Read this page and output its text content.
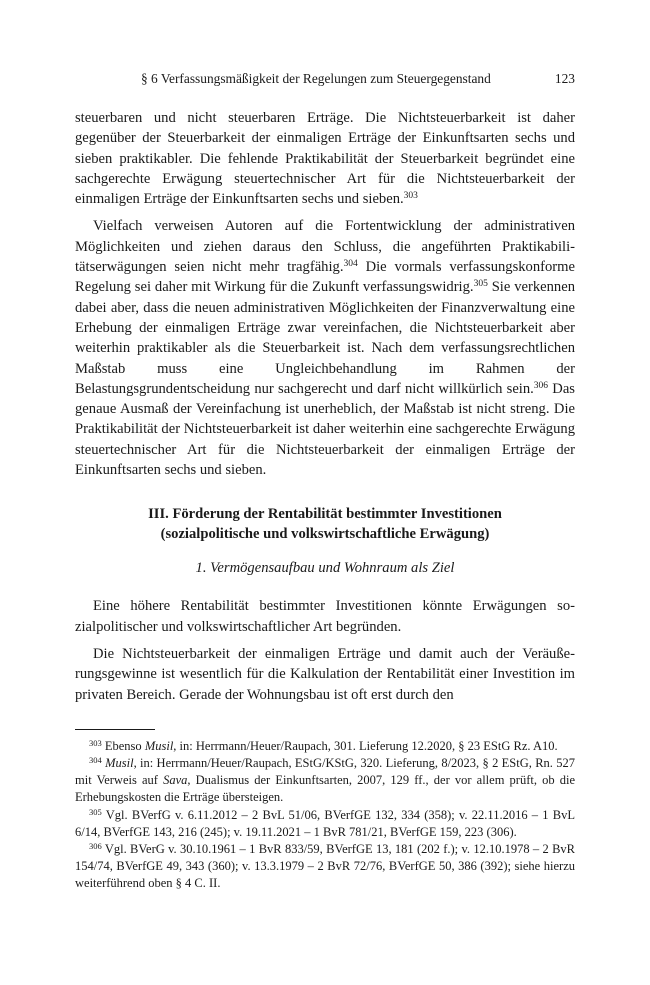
§ 6 Verfassungsmäßigkeit der Regelungen zum Steuergegenstand	123

steuerbaren und nicht steuerbaren Erträge. Die Nichtsteuerbarkeit ist daher gegenüber der Steuerbarkeit der einmaligen Erträge der Einkunftsarten sechs und sieben praktikabler. Die fehlende Praktikabilität der Steuerbarkeit begründet eine sachgerechte Erwägung steuertechnischer Art für die Nichtsteuerbarkeit der einmaligen Erträge der Einkunftsarten sechs und sieben.$^{303}$

Vielfach verweisen Autoren auf die Fortentwicklung der administrativen Möglichkeiten und ziehen daraus den Schluss, die angeführten Praktikabilitätserwägungen seien nicht mehr tragfähig.$^{304}$ Die vormals verfassungskonforme Regelung sei daher mit Wirkung für die Zukunft verfassungswidrig.$^{305}$ Sie verkennen dabei aber, dass die neuen administrativen Möglichkeiten der Finanzverwaltung eine Erhebung der einmaligen Erträge zwar vereinfachen, die Nichtsteuerbarkeit aber weiterhin praktikabler als die Steuerbarkeit ist. Nach dem verfassungsrechtlichen Maßstab muss eine Ungleichbehandlung im Rahmen der Belastungsgrundentscheidung nur sachgerecht und darf nicht willkürlich sein.$^{306}$ Das genaue Ausmaß der Vereinfachung ist unerheblich, der Maßstab ist nicht streng. Die Praktikabilität der Nichtsteuerbarkeit ist daher weiterhin eine sachgerechte Erwägung steuertechnischer Art für die Nichtsteuerbarkeit der einmaligen Erträge der Einkunftsarten sechs und sieben.

III. Förderung der Rentabilität bestimmter Investitionen
(sozialpolitische und volkswirtschaftliche Erwägung)
1. Vermögensaufbau und Wohnraum als Ziel

Eine höhere Rentabilität bestimmter Investitionen könnte Erwägungen sozialpolitischer und volkswirtschaftlicher Art begründen.

Die Nichtsteuerbarkeit der einmaligen Erträge und damit auch der Veräußerungsgewinne ist wesentlich für die Kalkulation der Rentabilität einer Investition im privaten Bereich. Gerade der Wohnungsbau ist oft erst durch den

$^{303}$ Ebenso Musil, in: Herrmann/Heuer/Raupach, 301. Lieferung 12.2020, § 23 EStG Rz. A10.

$^{304}$ Musil, in: Herrmann/Heuer/Raupach, EStG/KStG, 320. Lieferung, 8/2023, § 2 EStG, Rn. 527 mit Verweis auf Sava, Dualismus der Einkunftsarten, 2007, 129 ff., der vor allem prüft, ob die Erhebungskosten die Erträge übersteigen.

$^{305}$ Vgl. BVerfG v. 6.11.2012 – 2 BvL 51/06, BVerfGE 132, 334 (358); v. 22.11.2016 – 1 BvL 6/14, BVerfGE 143, 216 (245); v. 19.11.2021 – 1 BvR 781/21, BVerfGE 159, 223 (306).

$^{306}$ Vgl. BVerG v. 30.10.1961 – 1 BvR 833/59, BVerfGE 13, 181 (202 f.); v. 12.10.1978 – 2 BvR 154/74, BVerfGE 49, 343 (360); v. 13.3.1979 – 2 BvR 72/76, BVerfGE 50, 386 (392); siehe hierzu weiterführend oben § 4 C. II.
